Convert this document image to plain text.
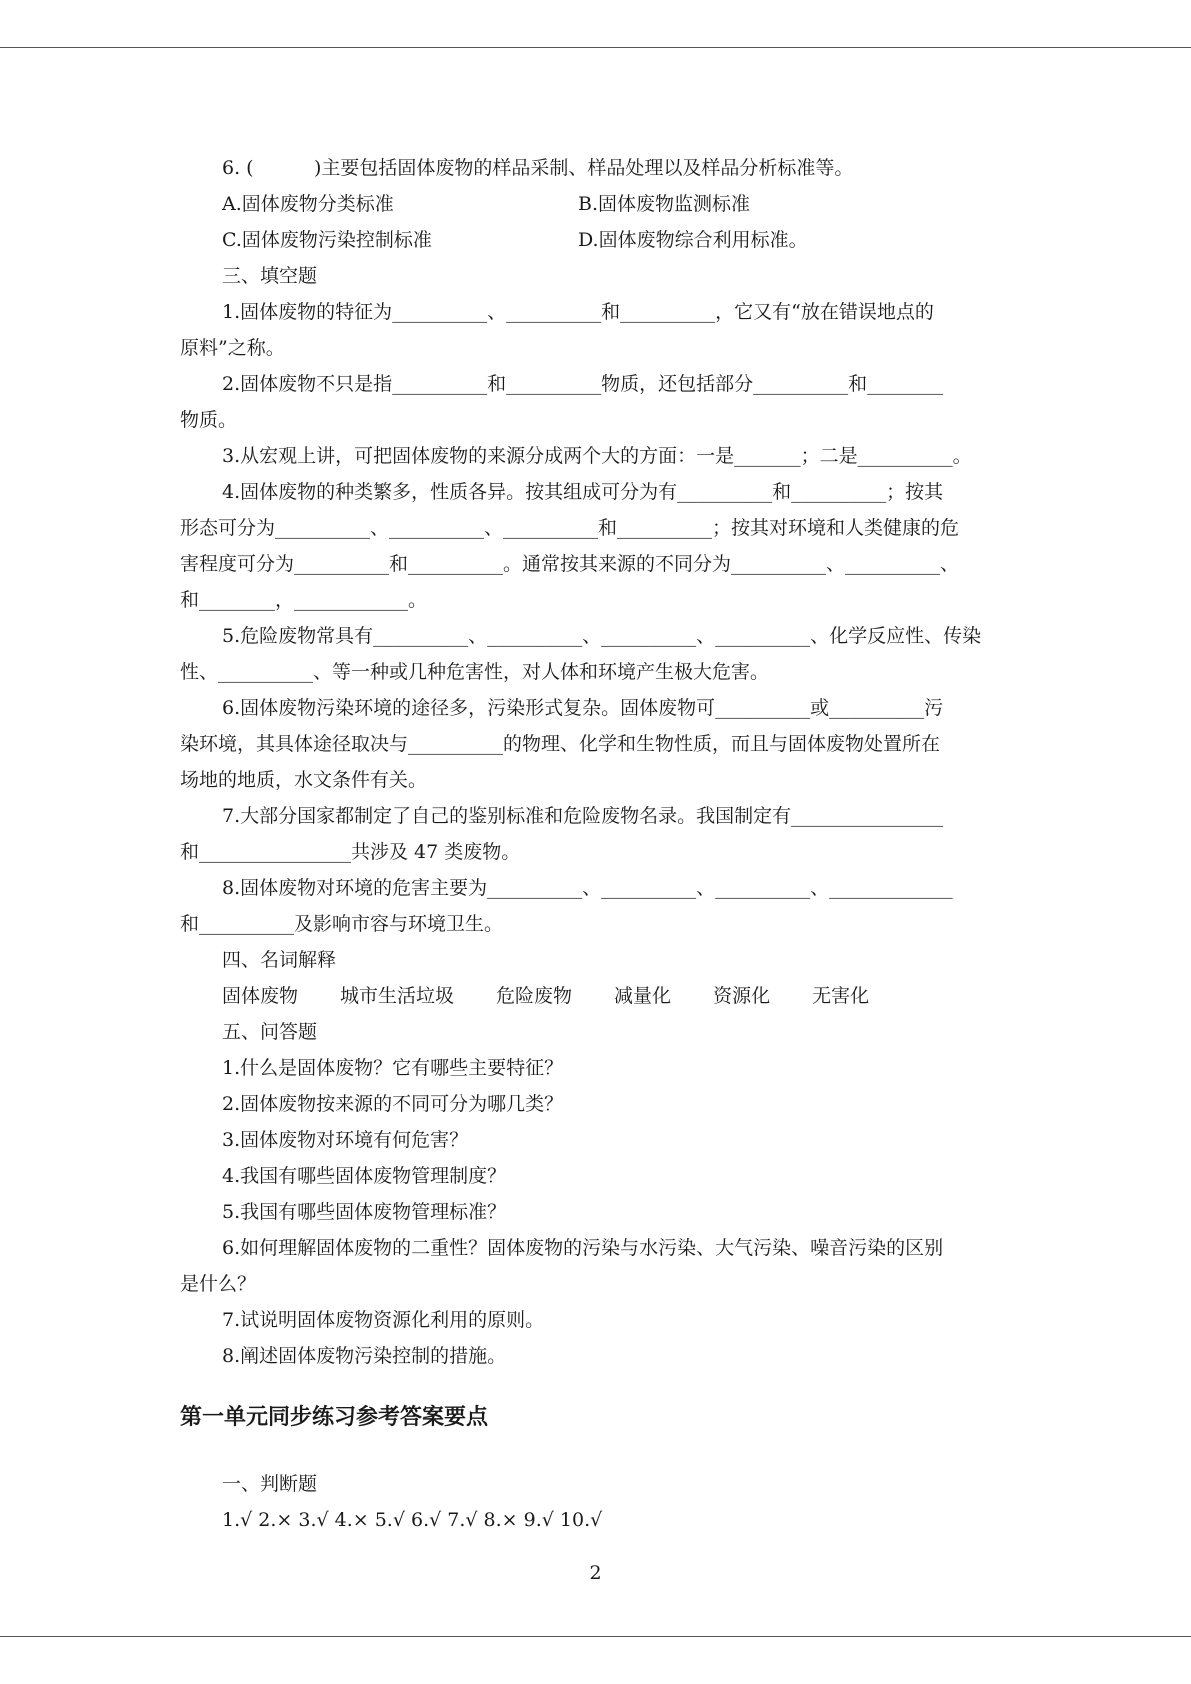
6. (          )主要包括固体废物的样品采制、样品处理以及样品分析标准等。

A.固体废物分类标准	B.固体废物监测标准
C.固体废物污染控制标准	D.固体废物综合利用标准。

三、填空题

1.固体废物的特征为__________、__________和__________，它又有“放在错误地点的

原料”之称。

2.固体废物不只是指__________和__________物质，还包括部分__________和________

物质。

3.从宏观上讲，可把固体废物的来源分成两个大的方面：一是_______；二是__________。

4.固体废物的种类繁多，性质各异。按其组成可分为有__________和__________；按其

形态可分为__________、__________、__________和__________；按其对环境和人类健康的危

害程度可分为__________和__________。通常按其来源的不同分为__________、__________、

和________，____________。

5.危险废物常具有__________、__________、__________、__________、化学反应性、传染

性、__________、等一种或几种危害性，对人体和环境产生极大危害。

6.固体废物污染环境的途径多，污染形式复杂。固体废物可__________或__________污

染环境，其具体途径取决与__________的物理、化学和生物性质，而且与固体废物处置所在

场地的地质，水文条件有关。

7.大部分国家都制定了自己的鉴别标准和危险废物名录。我国制定有________________

和________________共涉及 47 类废物。

8.固体废物对环境的危害主要为__________、__________、__________、_____________

和__________及影响市容与环境卫生。

四、名词解释

固体废物 城市生活垃圾 危险废物 减量化 资源化 无害化

五、问答题

1.什么是固体废物？它有哪些主要特征？

2.固体废物按来源的不同可分为哪几类？

3.固体废物对环境有何危害？

4.我国有哪些固体废物管理制度？

5.我国有哪些固体废物管理标准？

6.如何理解固体废物的二重性？固体废物的污染与水污染、大气污染、噪音污染的区别

是什么？

7.试说明固体废物资源化利用的原则。

8.阐述固体废物污染控制的措施。

第一单元同步练习参考答案要点

一、判断题

1.√ 2.× 3.√ 4.× 5.√ 6.√ 7.√ 8.× 9.√ 10.√

2
